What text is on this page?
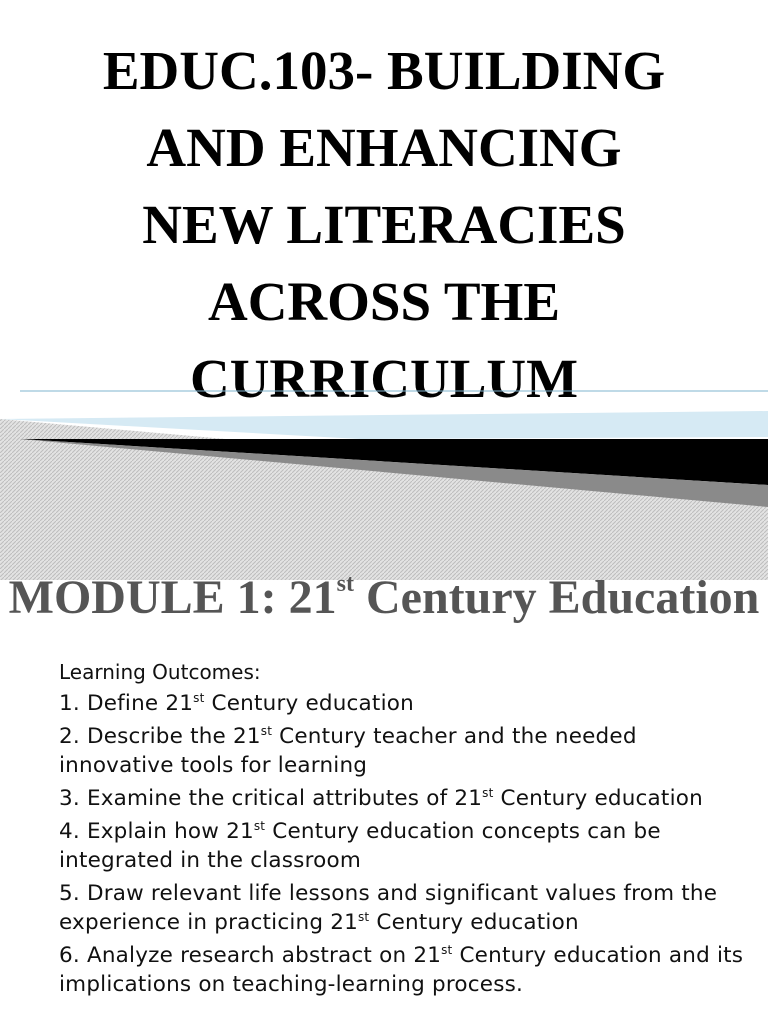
EDUC.103- BUILDING
AND ENHANCING
NEW LITERACIES
ACROSS THE
CURRICULUM
MODULE 1: 21st Century Education
Learning Outcomes:
1. Define 21st Century education
2. Describe the 21st Century teacher and the needed innovative tools for learning
3. Examine the critical attributes of 21st Century education
4. Explain how 21st Century education concepts can be integrated in the classroom
5. Draw relevant life lessons and significant values from the experience in practicing 21st Century education
6. Analyze research abstract on 21st Century education and its implications on teaching-learning process.
